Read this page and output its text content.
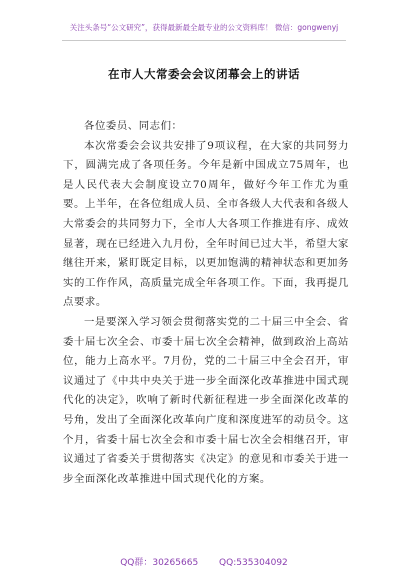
关注头条号“公文研究”，获得最新最全最专业的公文资料库！ 微信：gongwenyj
在市人大常委会会议闭幕会上的讲话

各位委员、同志们：

本次常委会会议共安排了9项议程，在大家的共同努力下，圆满完成了各项任务。今年是新中国成立75周年，也是人民代表大会制度设立70周年，做好今年工作尤为重要。上半年，在各位组成人员、全市各级人大代表和各级人大常委会的共同努力下，全市人大各项工作推进有序、成效显著，现在已经进入九月份，全年时间已过大半，希望大家继往开来，紧盯既定目标，以更加饱满的精神状态和更加务实的工作作风，高质量完成全年各项工作。下面，我再提几点要求。

一是要深入学习领会贯彻落实党的二十届三中全会、省委十届七次全会、市委十届七次全会精神，做到政治上高站位，能力上高水平。7月份，党的二十届三中全会召开，审议通过了《中共中央关于进一步全面深化改革推进中国式现代化的决定》，吹响了新时代新征程进一步全面深化改革的号角，发出了全面深化改革向广度和深度进军的动员令。这个月，省委十届七次全会和市委十届七次全会相继召开，审议通过了省委关于贯彻落实《决定》的意见和市委关于进一步全面深化改革推进中国式现代化的方案。

QQ群：30265665 QQ:535304092
